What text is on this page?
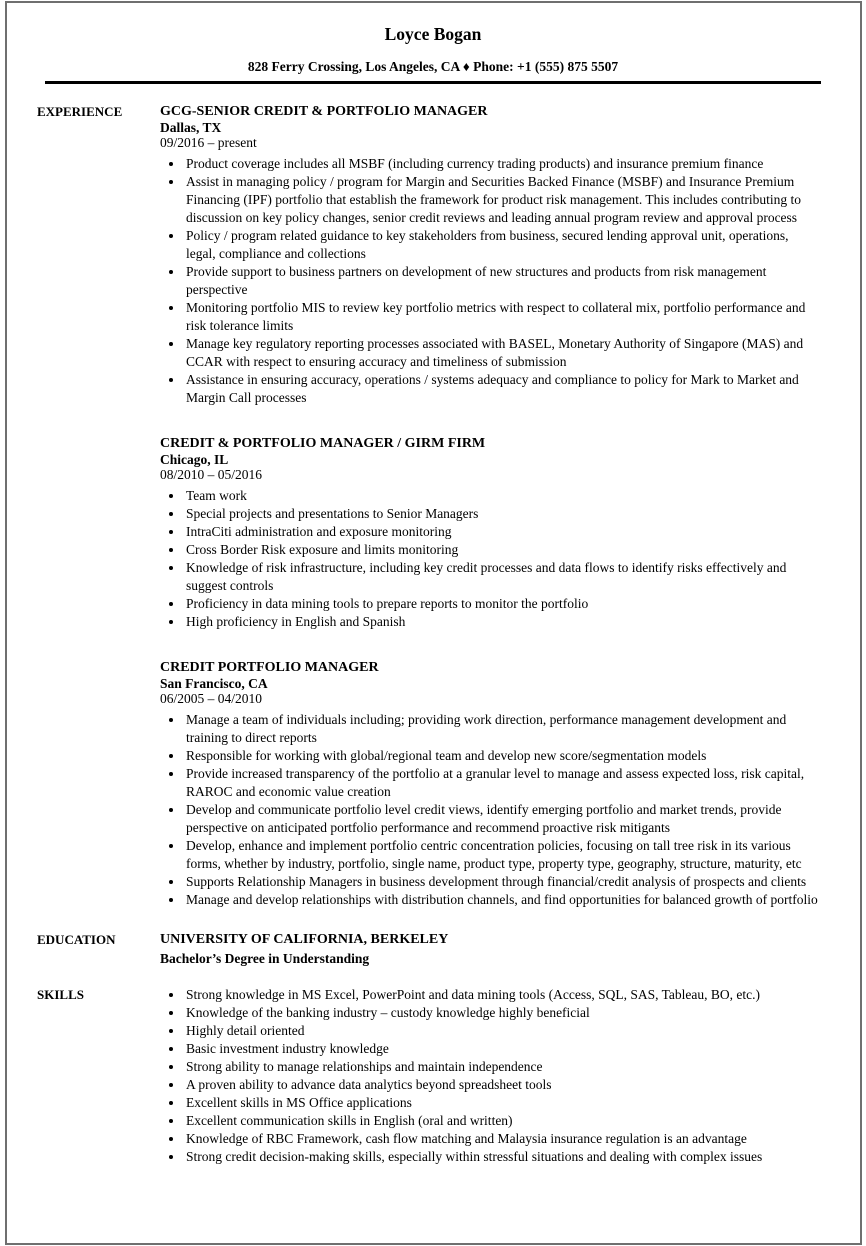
Loyce Bogan
828 Ferry Crossing, Los Angeles, CA ♦ Phone: +1 (555) 875 5507
EXPERIENCE	GCG-SENIOR CREDIT & PORTFOLIO MANAGER
Dallas, TX
09/2016 – present
• Product coverage includes all MSBF (including currency trading products) and insurance premium finance
• Assist in managing policy / program for Margin and Securities Backed Finance (MSBF) and Insurance Premium Financing (IPF) portfolio that establish the framework for product risk management. This includes contributing to discussion on key policy changes, senior credit reviews and leading annual program review and approval process
• Policy / program related guidance to key stakeholders from business, secured lending approval unit, operations, legal, compliance and collections
• Provide support to business partners on development of new structures and products from risk management perspective
• Monitoring portfolio MIS to review key portfolio metrics with respect to collateral mix, portfolio performance and risk tolerance limits
• Manage key regulatory reporting processes associated with BASEL, Monetary Authority of Singapore (MAS) and CCAR with respect to ensuring accuracy and timeliness of submission
• Assistance in ensuring accuracy, operations / systems adequacy and compliance to policy for Mark to Market and Margin Call processes
CREDIT & PORTFOLIO MANAGER / GIRM FIRM
Chicago, IL
08/2010 – 05/2016
• Team work
• Special projects and presentations to Senior Managers
• IntraCiti administration and exposure monitoring
• Cross Border Risk exposure and limits monitoring
• Knowledge of risk infrastructure, including key credit processes and data flows to identify risks effectively and suggest controls
• Proficiency in data mining tools to prepare reports to monitor the portfolio
• High proficiency in English and Spanish
CREDIT PORTFOLIO MANAGER
San Francisco, CA
06/2005 – 04/2010
• Manage a team of individuals including; providing work direction, performance management development and training to direct reports
• Responsible for working with global/regional team and develop new score/segmentation models
• Provide increased transparency of the portfolio at a granular level to manage and assess expected loss, risk capital, RAROC and economic value creation
• Develop and communicate portfolio level credit views, identify emerging portfolio and market trends, provide perspective on anticipated portfolio performance and recommend proactive risk mitigants
• Develop, enhance and implement portfolio centric concentration policies, focusing on tall tree risk in its various forms, whether by industry, portfolio, single name, product type, property type, geography, structure, maturity, etc
• Supports Relationship Managers in business development through financial/credit analysis of prospects and clients
• Manage and develop relationships with distribution channels, and find opportunities for balanced growth of portfolio
EDUCATION	UNIVERSITY OF CALIFORNIA, BERKELEY
Bachelor’s Degree in Understanding
SKILLS	• Strong knowledge in MS Excel, PowerPoint and data mining tools (Access, SQL, SAS, Tableau, BO, etc.)
• Knowledge of the banking industry – custody knowledge highly beneficial
• Highly detail oriented
• Basic investment industry knowledge
• Strong ability to manage relationships and maintain independence
• A proven ability to advance data analytics beyond spreadsheet tools
• Excellent skills in MS Office applications
• Excellent communication skills in English (oral and written)
• Knowledge of RBC Framework, cash flow matching and Malaysia insurance regulation is an advantage
• Strong credit decision-making skills, especially within stressful situations and dealing with complex issues
